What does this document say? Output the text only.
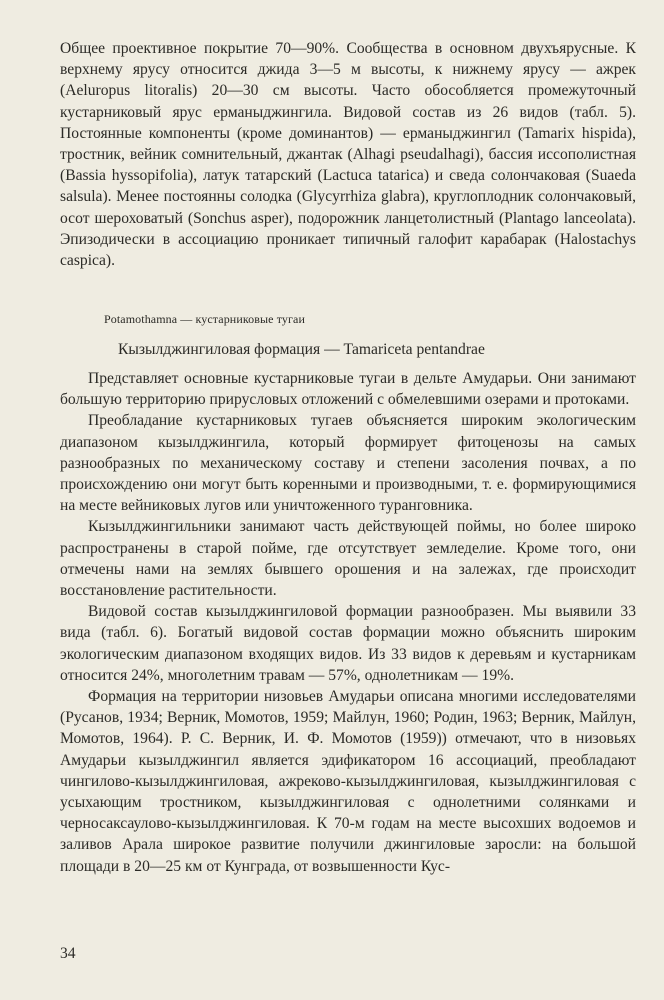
Общее проективное покрытие 70—90%. Сообщества в основном двухъярусные. К верхнему ярусу относится джида 3—5 м высоты, к нижнему ярусу — ажрек (Aeluropus litoralis) 20—30 см высоты. Часто обособляется промежуточный кустарниковый ярус ерманыджингила. Видовой состав из 26 видов (табл. 5). Постоянные компоненты (кроме доминантов) — ерманыджингил (Tamarix hispida), тростник, вейник сомнительный, джантак (Alhagi pseudalhagi), бассия иссополистная (Bassia hyssopifolia), латук татарский (Lactuca tatarica) и сведа солончаковая (Suaeda salsula). Менее постоянны солодка (Glycyrrhiza glabra), круглоплодник солончаковый, осот шероховатый (Sonchus asper), подорожник ланцетолистный (Plantago lanceolata). Эпизодически в ассоциацию проникает типичный галофит карабарак (Halostachys caspica).

Potamothamna — кустарниковые тугаи
Кызылджингиловая формация — Tamariceta pentandrae

Представляет основные кустарниковые тугаи в дельте Амударьи. Они занимают большую территорию прирусловых отложений с обмелевшими озерами и протоками.

Преобладание кустарниковых тугаев объясняется широким экологическим диапазоном кызылджингила, который формирует фитоценозы на самых разнообразных по механическому составу и степени засоления почвах, а по происхождению они могут быть коренными и производными, т. е. формирующимися на месте вейниковых лугов или уничтоженного туранговника.

Кызылджингильники занимают часть действующей поймы, но более широко распространены в старой пойме, где отсутствует земледелие. Кроме того, они отмечены нами на землях бывшего орошения и на залежах, где происходит восстановление растительности.

Видовой состав кызылджингиловой формации разнообразен. Мы выявили 33 вида (табл. 6). Богатый видовой состав формации можно объяснить широким экологическим диапазоном входящих видов. Из 33 видов к деревьям и кустарникам относится 24%, многолетним травам — 57%, однолетникам — 19%.

Формация на территории низовьев Амударьи описана многими исследователями (Русанов, 1934; Верник, Момотов, 1959; Майлун, 1960; Родин, 1963; Верник, Майлун, Момотов, 1964). Р. С. Верник, И. Ф. Момотов (1959)) отмечают, что в низовьях Амударьи кызылджингил является эдификатором 16 ассоциаций, преобладают чингилово-кызылджингиловая, ажреково-кызылджингиловая, кызылджингиловая с усыхающим тростником, кызылджингиловая с однолетними солянками и черносаксаулово-кызылджингиловая. К 70-м годам на месте высохших водоемов и заливов Арала широкое развитие получили джингиловые заросли: на большой площади в 20—25 км от Кунграда, от возвышенности Кус-

34
